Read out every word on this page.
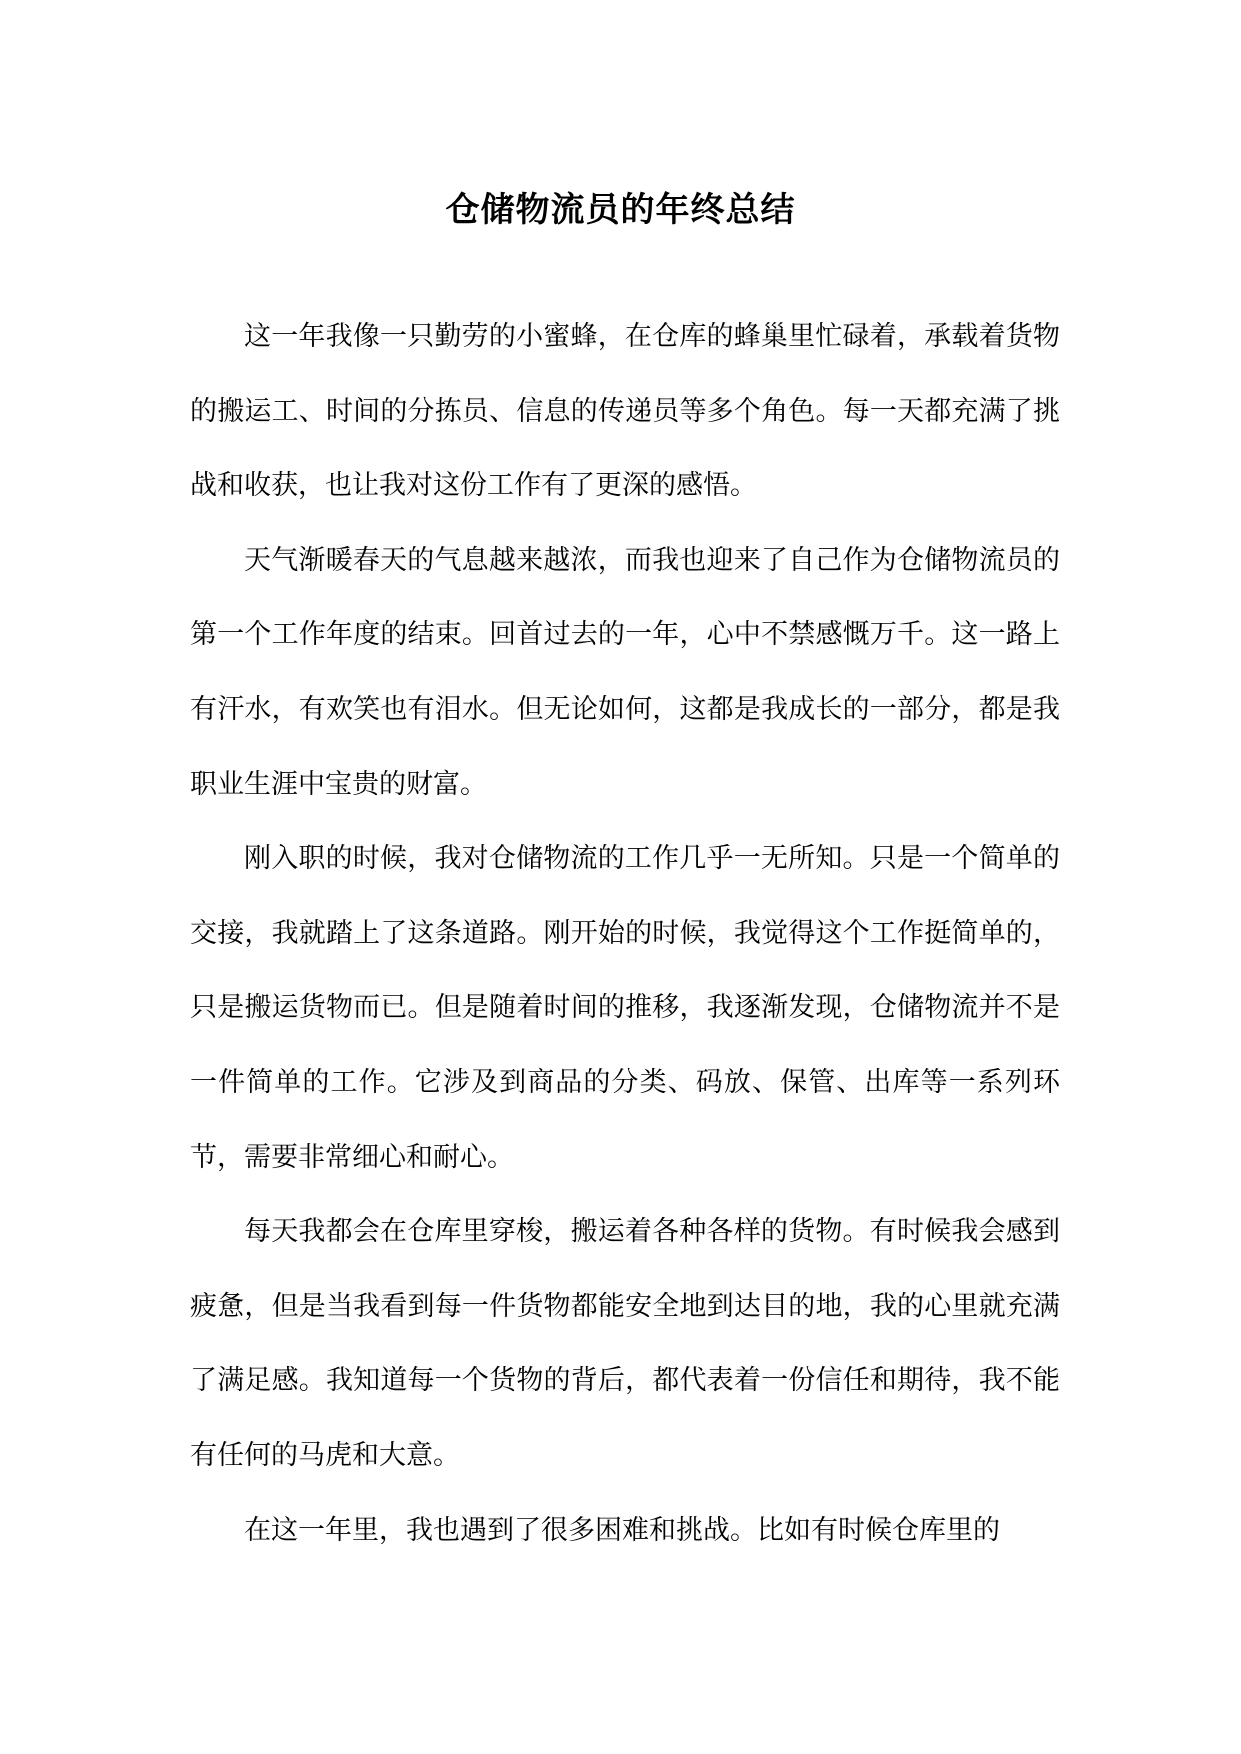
仓储物流员的年终总结

这一年我像一只勤劳的小蜜蜂，在仓库的蜂巢里忙碌着，承载着货物的搬运工、时间的分拣员、信息的传递员等多个角色。每一天都充满了挑战和收获，也让我对这份工作有了更深的感悟。

天气渐暖春天的气息越来越浓，而我也迎来了自己作为仓储物流员的第一个工作年度的结束。回首过去的一年，心中不禁感慨万千。这一路上有汗水，有欢笑也有泪水。但无论如何，这都是我成长的一部分，都是我职业生涯中宝贵的财富。

刚入职的时候，我对仓储物流的工作几乎一无所知。只是一个简单的交接，我就踏上了这条道路。刚开始的时候，我觉得这个工作挺简单的，只是搬运货物而已。但是随着时间的推移，我逐渐发现，仓储物流并不是一件简单的工作。它涉及到商品的分类、码放、保管、出库等一系列环节，需要非常细心和耐心。

每天我都会在仓库里穿梭，搬运着各种各样的货物。有时候我会感到疲惫，但是当我看到每一件货物都能安全地到达目的地，我的心里就充满了满足感。我知道每一个货物的背后，都代表着一份信任和期待，我不能有任何的马虎和大意。

在这一年里，我也遇到了很多困难和挑战。比如有时候仓库里的
